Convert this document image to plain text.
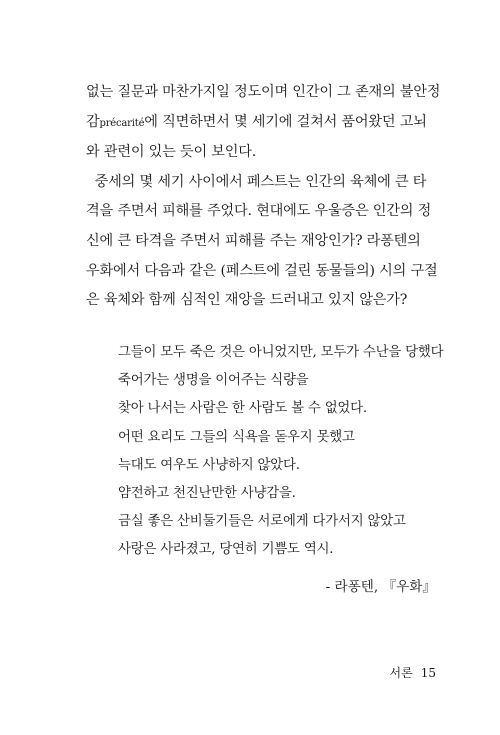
없는 질문과 마찬가지일 정도이며 인간이 그 존재의 불안정
감précarité에 직면하면서 몇 세기에 걸쳐서 품어왔던 고뇌
와 관련이 있는 듯이 보인다.
중세의 몇 세기 사이에서 페스트는 인간의 육체에 큰 타
격을 주면서 피해를 주었다. 현대에도 우울증은 인간의 정
신에 큰 타격을 주면서 피해를 주는 재앙인가? 라퐁텐의
우화에서 다음과 같은 (페스트에 걸린 동물들의) 시의 구절
은 육체와 함께 심적인 재앙을 드러내고 있지 않은가?
그들이 모두 죽은 것은 아니었지만, 모두가 수난을 당했다
죽어가는 생명을 이어주는 식량을
찾아 나서는 사람은 한 사람도 볼 수 없었다.
어떤 요리도 그들의 식욕을 돋우지 못했고
늑대도 여우도 사냥하지 않았다.
얌전하고 천진난만한 사냥감을.
금실 좋은 산비둘기들은 서로에게 다가서지 않았고
사랑은 사라졌고, 당연히 기쁨도 역시.
- 라퐁텐, 『우화』
서론 15
